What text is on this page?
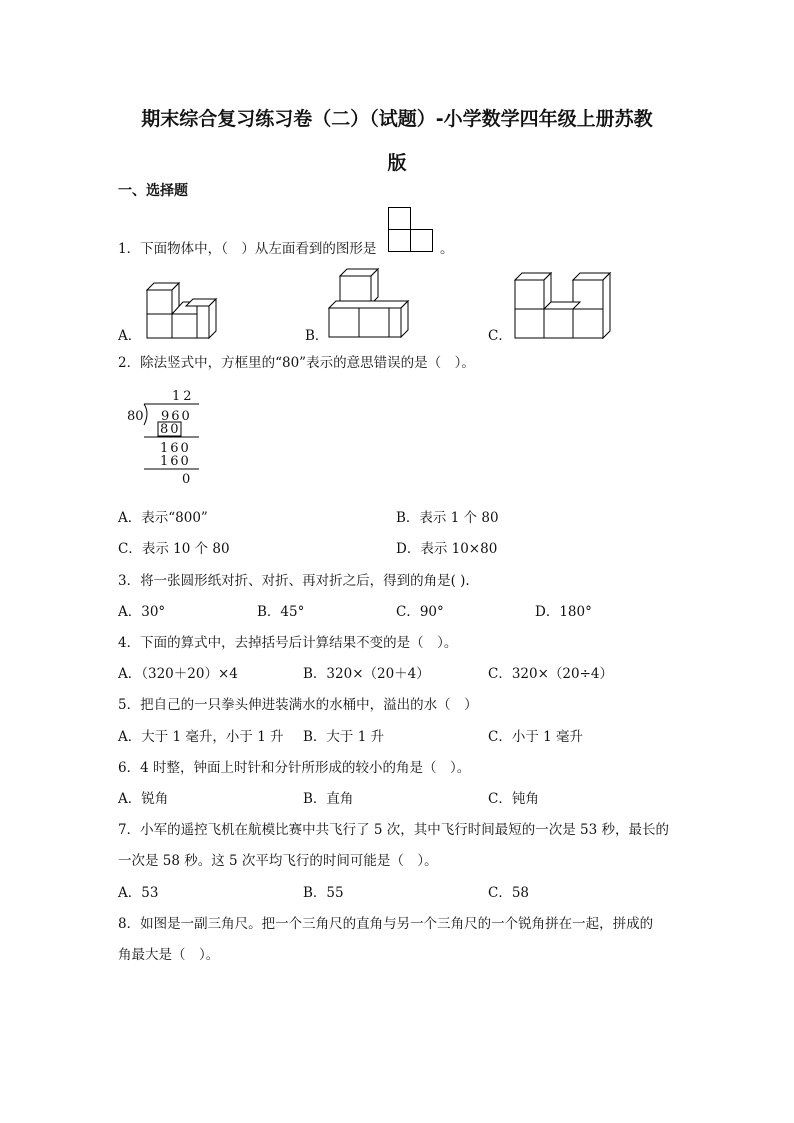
期末综合复习练习卷（二）（试题）-小学数学四年级上册苏教
版
一、选择题
1．下面物体中，（　）从左面看到的图形是	。
A．	B．	C．
2．除法竖式中，方框里的“80”表示的意思错误的是（　）。
12
80 960
80
160
160
0
A．表示“800”	B．表示 1 个 80
C．表示 10 个 80	D．表示 10×80
3．将一张圆形纸对折、对折、再对折之后，得到的角是( ).
A．30°	B．45°	C．90°	D．180°
4．下面的算式中，去掉括号后计算结果不变的是（　）。
A．（320＋20）×4	B．320×（20＋4）	C．320×（20÷4）
5．把自己的一只拳头伸进装满水的水桶中，溢出的水（　）
A．大于 1 毫升，小于 1 升 B．大于 1 升	C．小于 1 毫升
6．4 时整，钟面上时针和分针所形成的较小的角是（　）。
A．锐角	B．直角	C．钝角
7．小军的遥控飞机在航模比赛中共飞行了 5 次，其中飞行时间最短的一次是 53 秒，最长的
一次是 58 秒。这 5 次平均飞行的时间可能是（　）。
A．53	B．55	C．58
8．如图是一副三角尺。把一个三角尺的直角与另一个三角尺的一个锐角拼在一起，拼成的
角最大是（　）。
